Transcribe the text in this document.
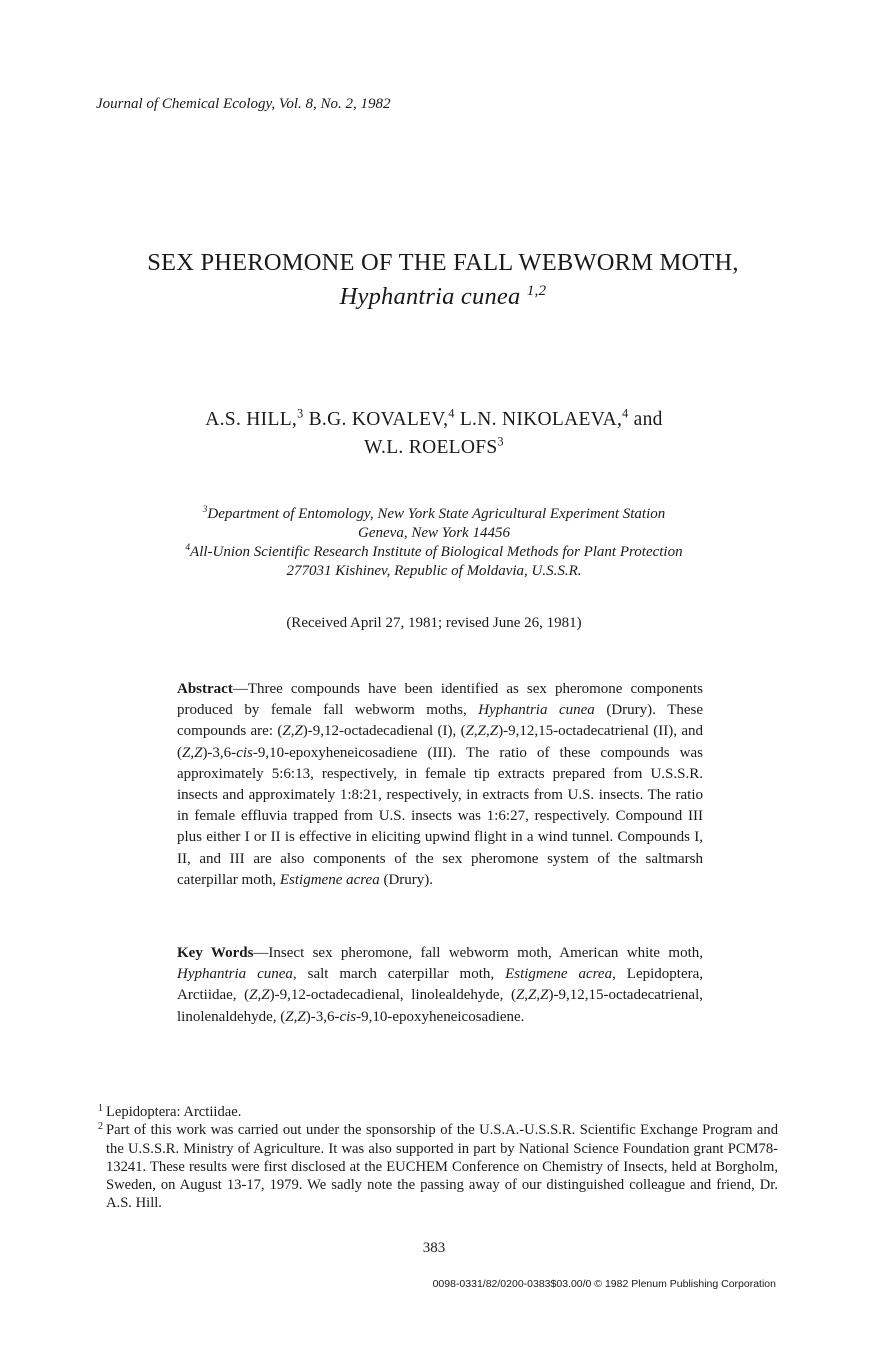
Journal of Chemical Ecology, Vol. 8, No. 2, 1982
SEX PHEROMONE OF THE FALL WEBWORM MOTH,
Hyphantria cunea $^{1,2}$
A.S. HILL,$^3$ B.G. KOVALEV,$^4$ L.N. NIKOLAEVA,$^4$ and
W.L. ROELOFS$^3$
$^3$Department of Entomology, New York State Agricultural Experiment Station
Geneva, New York 14456
$^4$All-Union Scientific Research Institute of Biological Methods for Plant Protection
277031 Kishinev, Republic of Moldavia, U.S.S.R.
(Received April 27, 1981; revised June 26, 1981)
Abstract—Three compounds have been identified as sex pheromone components produced by female fall webworm moths, Hyphantria cunea (Drury). These compounds are: (Z,Z)-9,12-octadecadienal (I), (Z,Z,Z)-9,12,15-octadecatrienal (II), and (Z,Z)-3,6-cis-9,10-epoxyheneicosadiene (III). The ratio of these compounds was approximately 5:6:13, respectively, in female tip extracts prepared from U.S.S.R. insects and approximately 1:8:21, respectively, in extracts from U.S. insects. The ratio in female effluvia trapped from U.S. insects was 1:6:27, respectively. Compound III plus either I or II is effective in eliciting upwind flight in a wind tunnel. Compounds I, II, and III are also components of the sex pheromone system of the saltmarsh caterpillar moth, Estigmene acrea (Drury).
Key Words—Insect sex pheromone, fall webworm moth, American white moth, Hyphantria cunea, salt march caterpillar moth, Estigmene acrea, Lepidoptera, Arctiidae, (Z,Z)-9,12-octadecadienal, linolealdehyde, (Z,Z,Z)-9,12,15-octadecatrienal, linolenaldehyde, (Z,Z)-3,6-cis-9,10-epoxyheneicosadiene.
1 Lepidoptera: Arctiidae.
2 Part of this work was carried out under the sponsorship of the U.S.A.-U.S.S.R. Scientific Exchange Program and the U.S.S.R. Ministry of Agriculture. It was also supported in part by National Science Foundation grant PCM78-13241. These results were first disclosed at the EUCHEM Conference on Chemistry of Insects, held at Borgholm, Sweden, on August 13-17, 1979. We sadly note the passing away of our distinguished colleague and friend, Dr. A.S. Hill.
383
0098-0331/82/0200-0383$03.00/0 © 1982 Plenum Publishing Corporation
